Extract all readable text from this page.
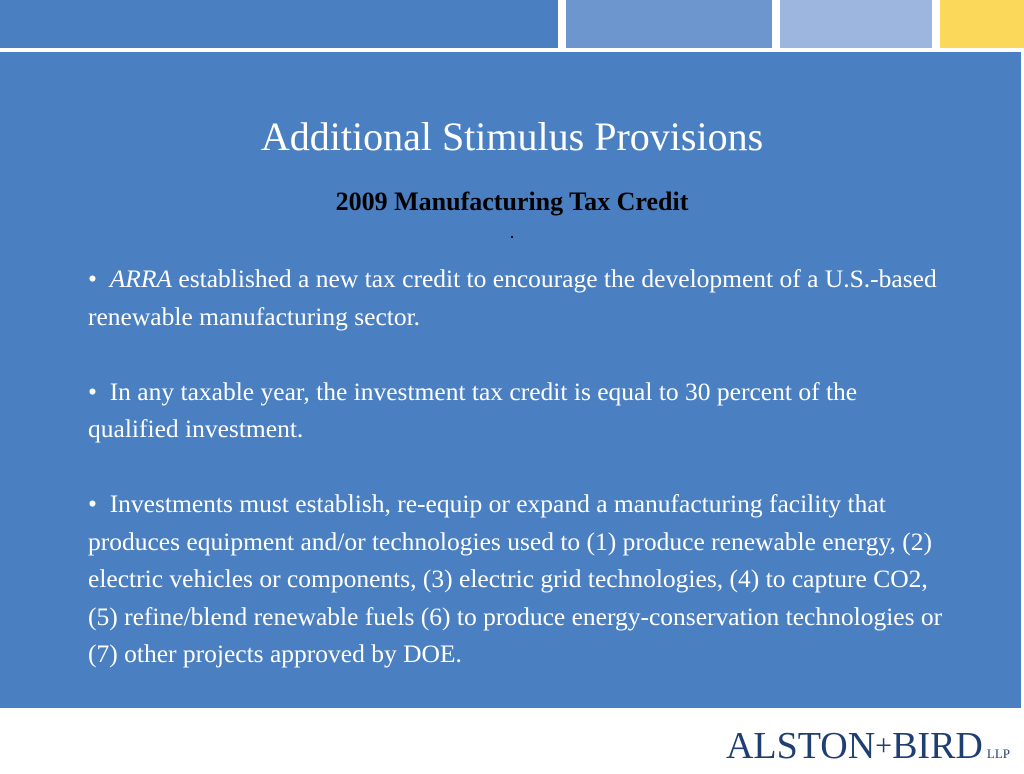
Additional Stimulus Provisions
2009 Manufacturing Tax Credit
.

• ARRA established a new tax credit to encourage the development of a U.S.-based renewable manufacturing sector.

• In any taxable year, the investment tax credit is equal to 30 percent of the qualified investment.

• Investments must establish, re-equip or expand a manufacturing facility that produces equipment and/or technologies used to (1) produce renewable energy, (2) electric vehicles or components, (3) electric grid technologies, (4) to capture CO2, (5) refine/blend renewable fuels (6) to produce energy-conservation technologies or (7) other projects approved by DOE.

ALSTON+BIRD LLP
